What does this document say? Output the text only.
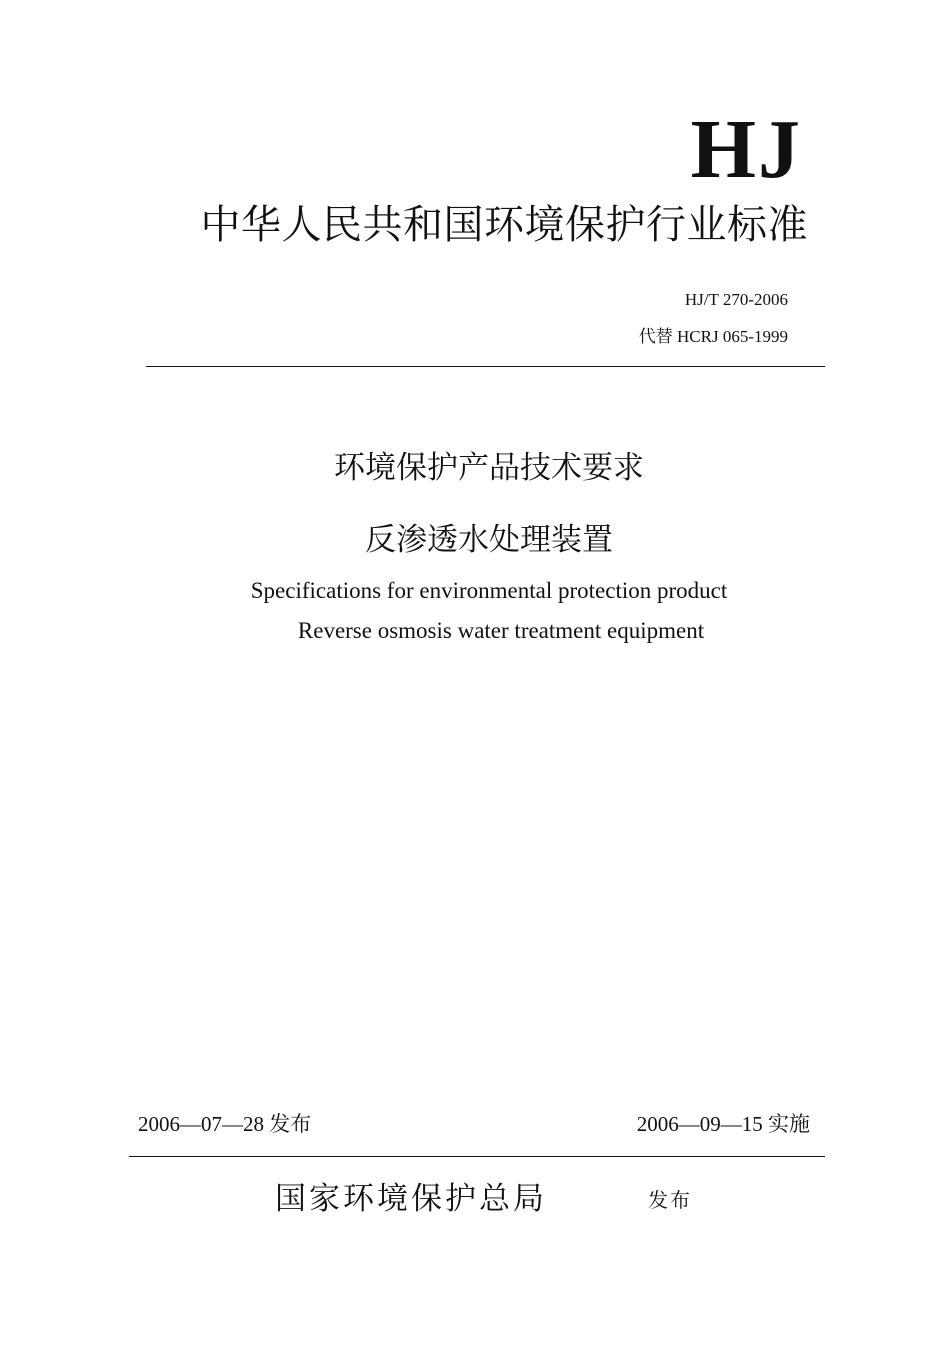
HJ
中华人民共和国环境保护行业标准
HJ/T 270-2006
代替 HCRJ 065-1999
环境保护产品技术要求
反渗透水处理装置
Specifications for environmental protection product
Reverse osmosis water treatment equipment
2006—07—28 发布	2006—09—15 实施
国家环境保护总局	发布
